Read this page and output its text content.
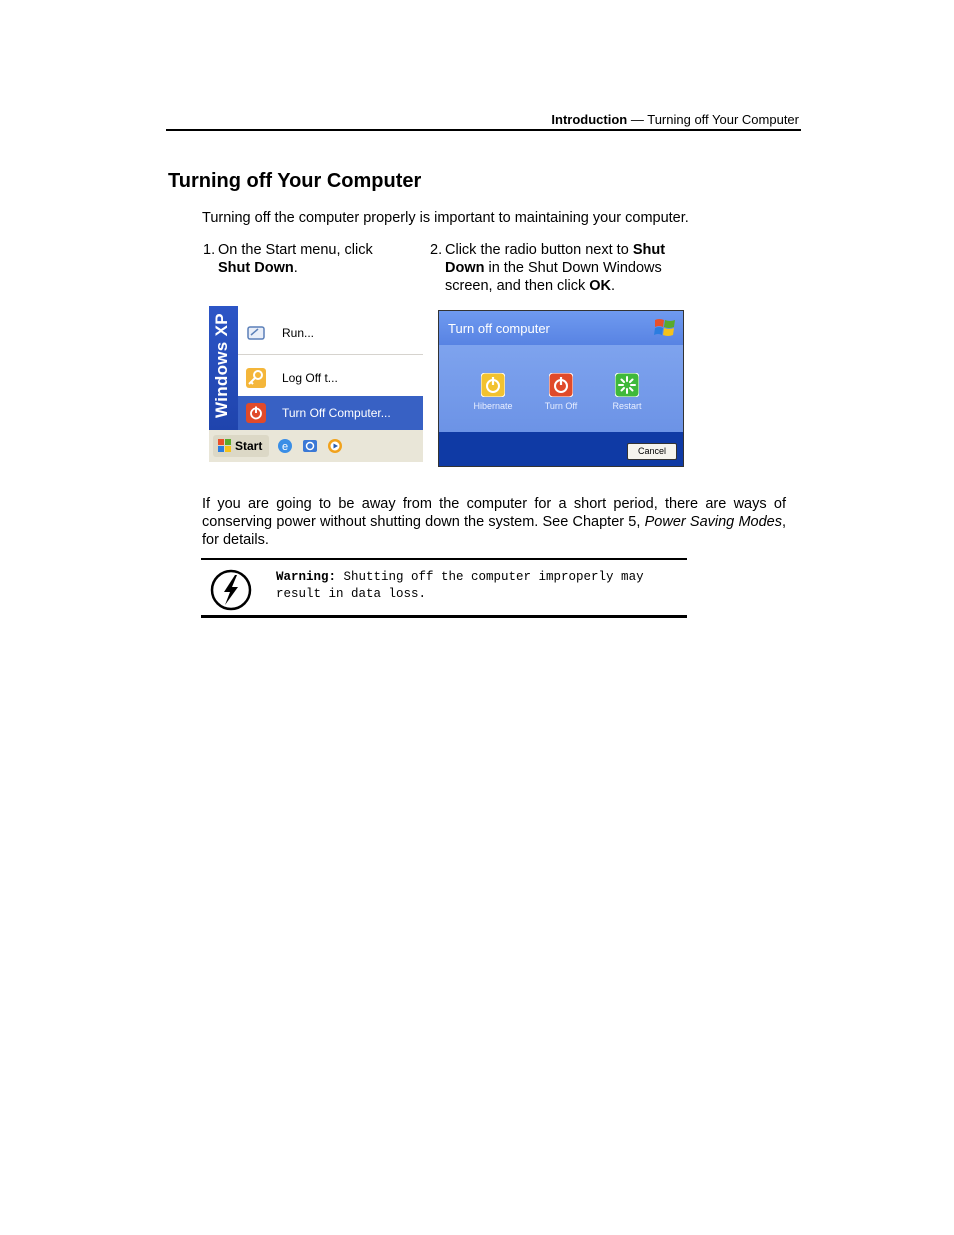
Introduction — Turning off Your Computer
Turning off Your Computer
Turning off the computer properly is important to maintaining your computer.
1. On the Start menu, click Shut Down.
2. Click the radio button next to Shut Down in the Shut Down Windows screen, and then click OK.
Windows XP	Run...
Log Off t...
Turn Off Computer...
Start e
Turn off computer
Hibernate	Turn Off	Restart
Cancel
If you are going to be away from the computer for a short period, there are ways of conserving power without shutting down the system. See Chapter 5, Power Saving Modes, for details.
Warning: Shutting off the computer improperly may result in data loss.
